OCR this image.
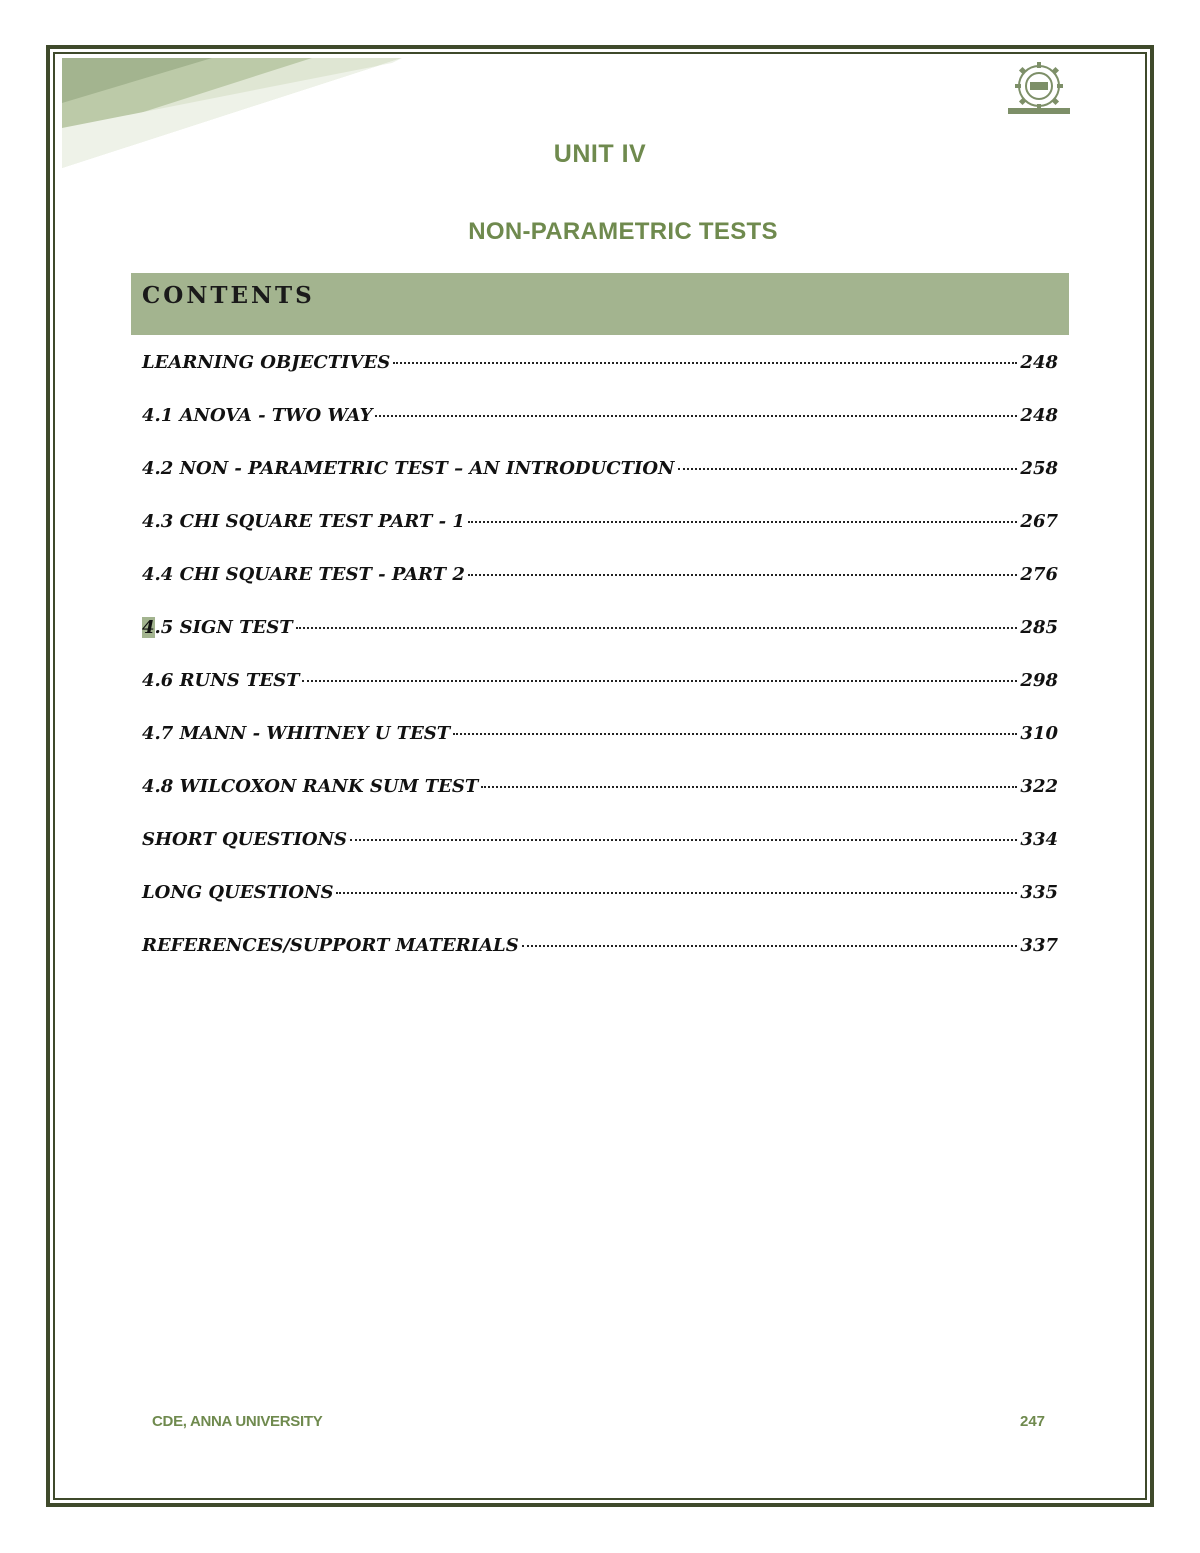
UNIT IV
NON-PARAMETRIC TESTS
CONTENTS
LEARNING OBJECTIVES	248
4.1 ANOVA - TWO WAY	248
4.2 NON - PARAMETRIC TEST – AN INTRODUCTION	258
4.3 CHI SQUARE TEST PART - 1	267
4.4 CHI SQUARE TEST - PART 2	276
4.5 SIGN TEST	285
4.6 RUNS TEST	298
4.7 MANN - WHITNEY U TEST	310
4.8 WILCOXON RANK SUM TEST	322
SHORT QUESTIONS	334
LONG QUESTIONS	335
REFERENCES/SUPPORT MATERIALS	337
CDE, ANNA UNIVERSITY	247
